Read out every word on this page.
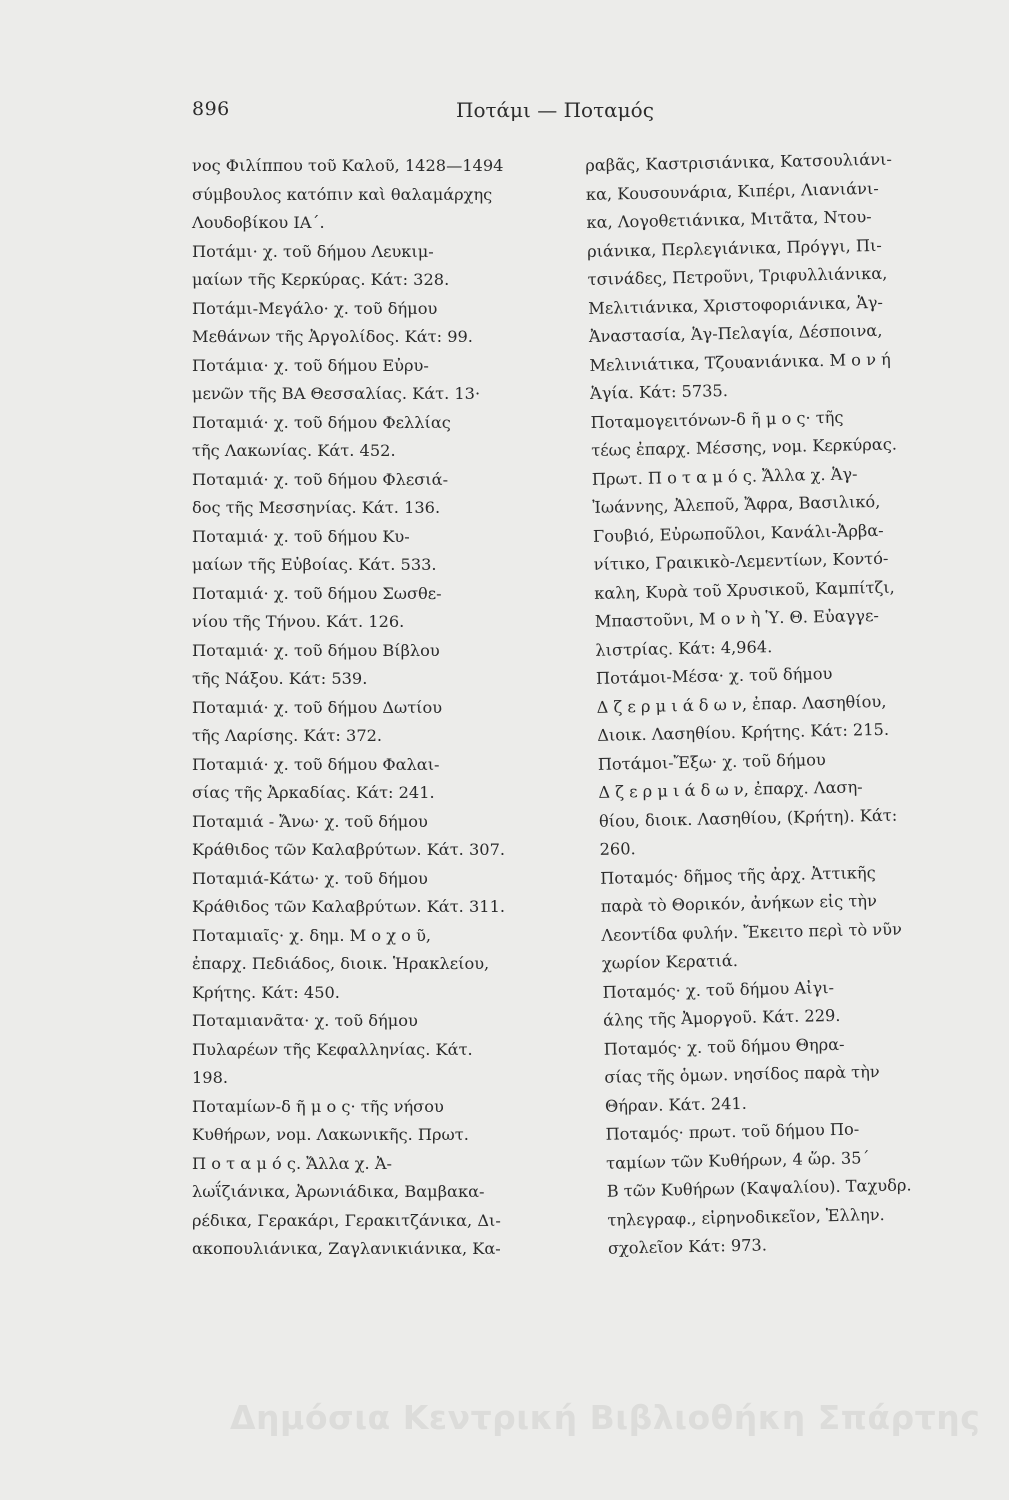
896	Ποτάμι — Ποταμός
νος Φιλίππου τοῦ Καλοῦ, 1428—1494
σύμβουλος κατόπιν καὶ θαλαμάρχης
Λουδοβίκου ΙΑ΄.
Ποτάμι· χ. τοῦ δήμου Λευκιμ-
μαίων τῆς Κερκύρας. Κάτ: 328.
Ποτάμι-Μεγάλο· χ. τοῦ δήμου
Μεθάνων τῆς Ἀργολίδος. Κάτ: 99.
Ποτάμια· χ. τοῦ δήμου Εὐρυ-
μενῶν τῆς ΒΑ Θεσσαλίας. Κάτ. 13·
Ποταμιά· χ. τοῦ δήμου Φελλίας
τῆς Λακωνίας. Κάτ. 452.
Ποταμιά· χ. τοῦ δήμου Φλεσιά-
δος τῆς Μεσσηνίας. Κάτ. 136.
Ποταμιά· χ. τοῦ δήμου Κυ-
μαίων τῆς Εὐβοίας. Κάτ. 533.
Ποταμιά· χ. τοῦ δήμου Σωσθε-
νίου τῆς Τήνου. Κάτ. 126.
Ποταμιά· χ. τοῦ δήμου Βίβλου
τῆς Νάξου. Κάτ: 539.
Ποταμιά· χ. τοῦ δήμου Δωτίου
τῆς Λαρίσης. Κάτ: 372.
Ποταμιά· χ. τοῦ δήμου Φαλαι-
σίας τῆς Ἀρκαδίας. Κάτ: 241.
Ποταμιά - Ἄνω· χ. τοῦ δήμου
Κράθιδος τῶν Καλαβρύτων. Κάτ. 307.
Ποταμιά-Κάτω· χ. τοῦ δήμου
Κράθιδος τῶν Καλαβρύτων. Κάτ. 311.
Ποταμιαῖς· χ. δημ. Μ ο χ ο ῦ,
ἐπαρχ. Πεδιάδος, διοικ. Ἡρακλείου,
Κρήτης. Κάτ: 450.
Ποταμιανᾶτα· χ. τοῦ δήμου
Πυλαρέων τῆς Κεφαλληνίας. Κάτ.
198.
Ποταμίων-δ ῆ μ ο ς· τῆς νήσου
Κυθήρων, νομ. Λακωνικῆς. Πρωτ.
Π ο τ α μ ό ς. Ἄλλα χ. Ἀ-
λωΐζιάνικα, Ἀρωνιάδικα, Βαμβακα-
ρέδικα, Γερακάρι, Γερακιτζάνικα, Δι-
ακοπουλιάνικα, Ζαγλανικιάνικα, Κα-
ραβᾶς, Καστρισιάνικα, Κατσουλιάνι-
κα, Κουσουνάρια, Κιπέρι, Λιανιάνι-
κα, Λογοθετιάνικα, Μιτᾶτα, Ντου-
ριάνικα, Περλεγιάνικα, Πρόγγι, Πι-
τσινάδες, Πετροῦνι, Τριφυλλιάνικα,
Μελιτιάνικα, Χριστοφοριάνικα, Ἁγ-
Ἀναστασία, Ἁγ-Πελαγία, Δέσποινα,
Μελινιάτικα, Τζουανιάνικα. Μ ο ν ή
Ἁγία. Κάτ: 5735.
Ποταμογειτόνων-δ ῆ μ ο ς· τῆς
τέως ἐπαρχ. Μέσσης, νομ. Κερκύρας.
Πρωτ. Π ο τ α μ ό ς. Ἄλλα χ. Ἁγ-
Ἰωάννης, Ἀλεποῦ, Ἄφρα, Βασιλικό,
Γουβιό, Εὐρωποῦλοι, Κανάλι-Ἀρβα-
νίτικο, Γραικικὸ-Λεμεντίων, Κοντό-
καλη, Κυρὰ τοῦ Χρυσικοῦ, Καμπίτζι,
Μπαστοῦνι, Μ ο ν ὴ Ὑ. Θ. Εὐαγγε-
λιστρίας. Κάτ: 4,964.
Ποτάμοι-Μέσα· χ. τοῦ δήμου
Δ ζ ε ρ μ ι ά δ ω ν, ἐπαρ. Λασηθίου,
Διοικ. Λασηθίου. Κρήτης. Κάτ: 215.
Ποτάμοι-Ἔξω· χ. τοῦ δήμου
Δ ζ ε ρ μ ι ά δ ω ν, ἐπαρχ. Λαση-
θίου, διοικ. Λασηθίου, (Κρήτη). Κάτ:
260.
Ποταμός· δῆμος τῆς ἀρχ. Ἀττικῆς
παρὰ τὸ Θορικόν, ἀνήκων εἰς τὴν
Λεοντίδα φυλήν. Ἔκειτο περὶ τὸ νῦν
χωρίον Κερατιά.
Ποταμός· χ. τοῦ δήμου Αἰγι-
άλης τῆς Ἀμοργοῦ. Κάτ. 229.
Ποταμός· χ. τοῦ δήμου Θηρα-
σίας τῆς ὁμων. νησίδος παρὰ τὴν
Θήραν. Κάτ. 241.
Ποταμός· πρωτ. τοῦ δήμου Πο-
ταμίων τῶν Κυθήρων, 4 ὥρ. 35΄
Β τῶν Κυθήρων (Καψαλίου). Ταχυδρ.
τηλεγραφ., εἰρηνοδικεῖον, Ἑλλην.
σχολεῖον Κάτ: 973.
Δημόσια Κεντρική Βιβλιοθήκη Σπάρτης
